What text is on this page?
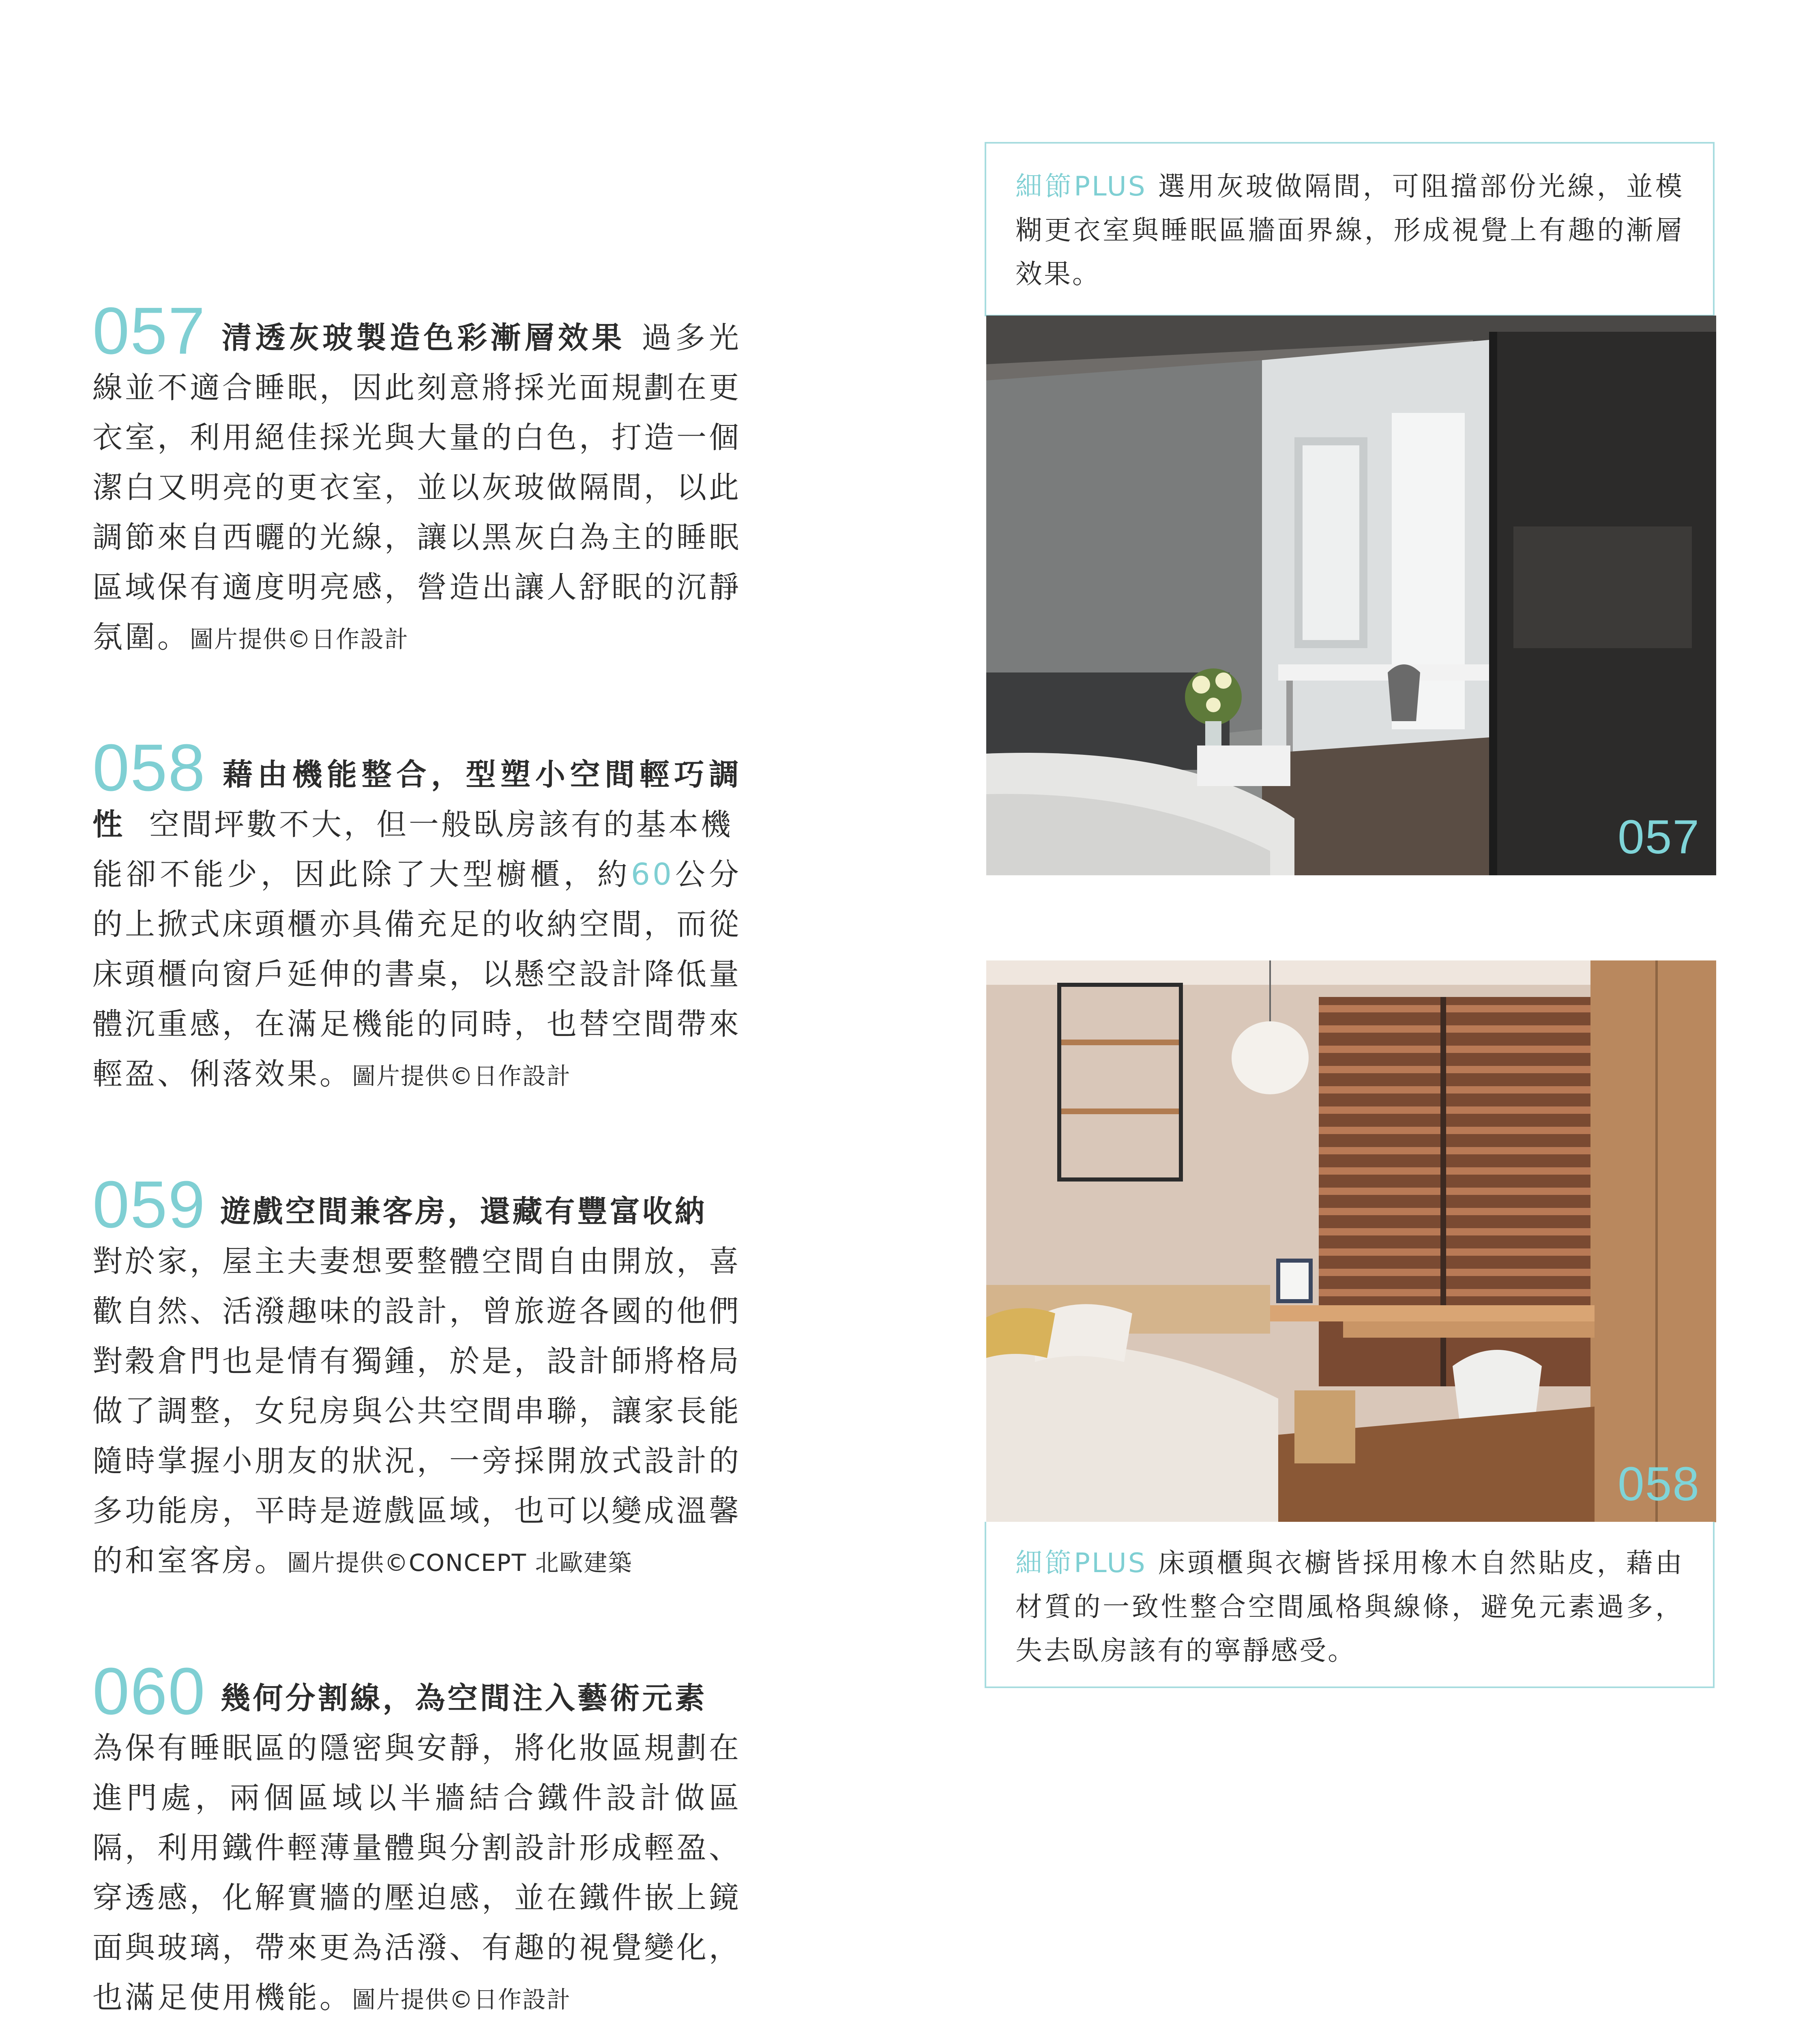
057 清透灰玻製造色彩漸層效果 過多光

線並不適合睡眠，因此刻意將採光面規劃在更

衣室，利用絕佳採光與大量的白色，打造一個

潔白又明亮的更衣室，並以灰玻做隔間，以此

調節來自西曬的光線，讓以黑灰白為主的睡眠

區域保有適度明亮感，營造出讓人舒眠的沉靜

氛圍。圖片提供©日作設計

058 藉由機能整合，型塑小空間輕巧調

性 空間坪數不大，但一般臥房該有的基本機

能卻不能少，因此除了大型櫥櫃，約60公分

的上掀式床頭櫃亦具備充足的收納空間，而從

床頭櫃向窗戶延伸的書桌，以懸空設計降低量

體沉重感，在滿足機能的同時，也替空間帶來

輕盈、俐落效果。圖片提供©日作設計

059 遊戲空間兼客房，還藏有豐富收納

對於家，屋主夫妻想要整體空間自由開放，喜

歡自然、活潑趣味的設計，曾旅遊各國的他們

對穀倉門也是情有獨鍾，於是，設計師將格局

做了調整，女兒房與公共空間串聯，讓家長能

隨時掌握小朋友的狀況，一旁採開放式設計的

多功能房，平時是遊戲區域，也可以變成溫馨

的和室客房。圖片提供©CONCEPT 北歐建築

060 幾何分割線，為空間注入藝術元素

為保有睡眠區的隱密與安靜，將化妝區規劃在

進門處，兩個區域以半牆結合鐵件設計做區

隔，利用鐵件輕薄量體與分割設計形成輕盈、

穿透感，化解實牆的壓迫感，並在鐵件嵌上鏡

面與玻璃，帶來更為活潑、有趣的視覺變化，

也滿足使用機能。圖片提供©日作設計

細節PLUS 選用灰玻做隔間，可阻擋部份光線，並模

糊更衣室與睡眠區牆面界線，形成視覺上有趣的漸層

效果。

057
058

細節PLUS 床頭櫃與衣櫥皆採用橡木自然貼皮，藉由

材質的一致性整合空間風格與線條，避免元素過多，

失去臥房該有的寧靜感受。
